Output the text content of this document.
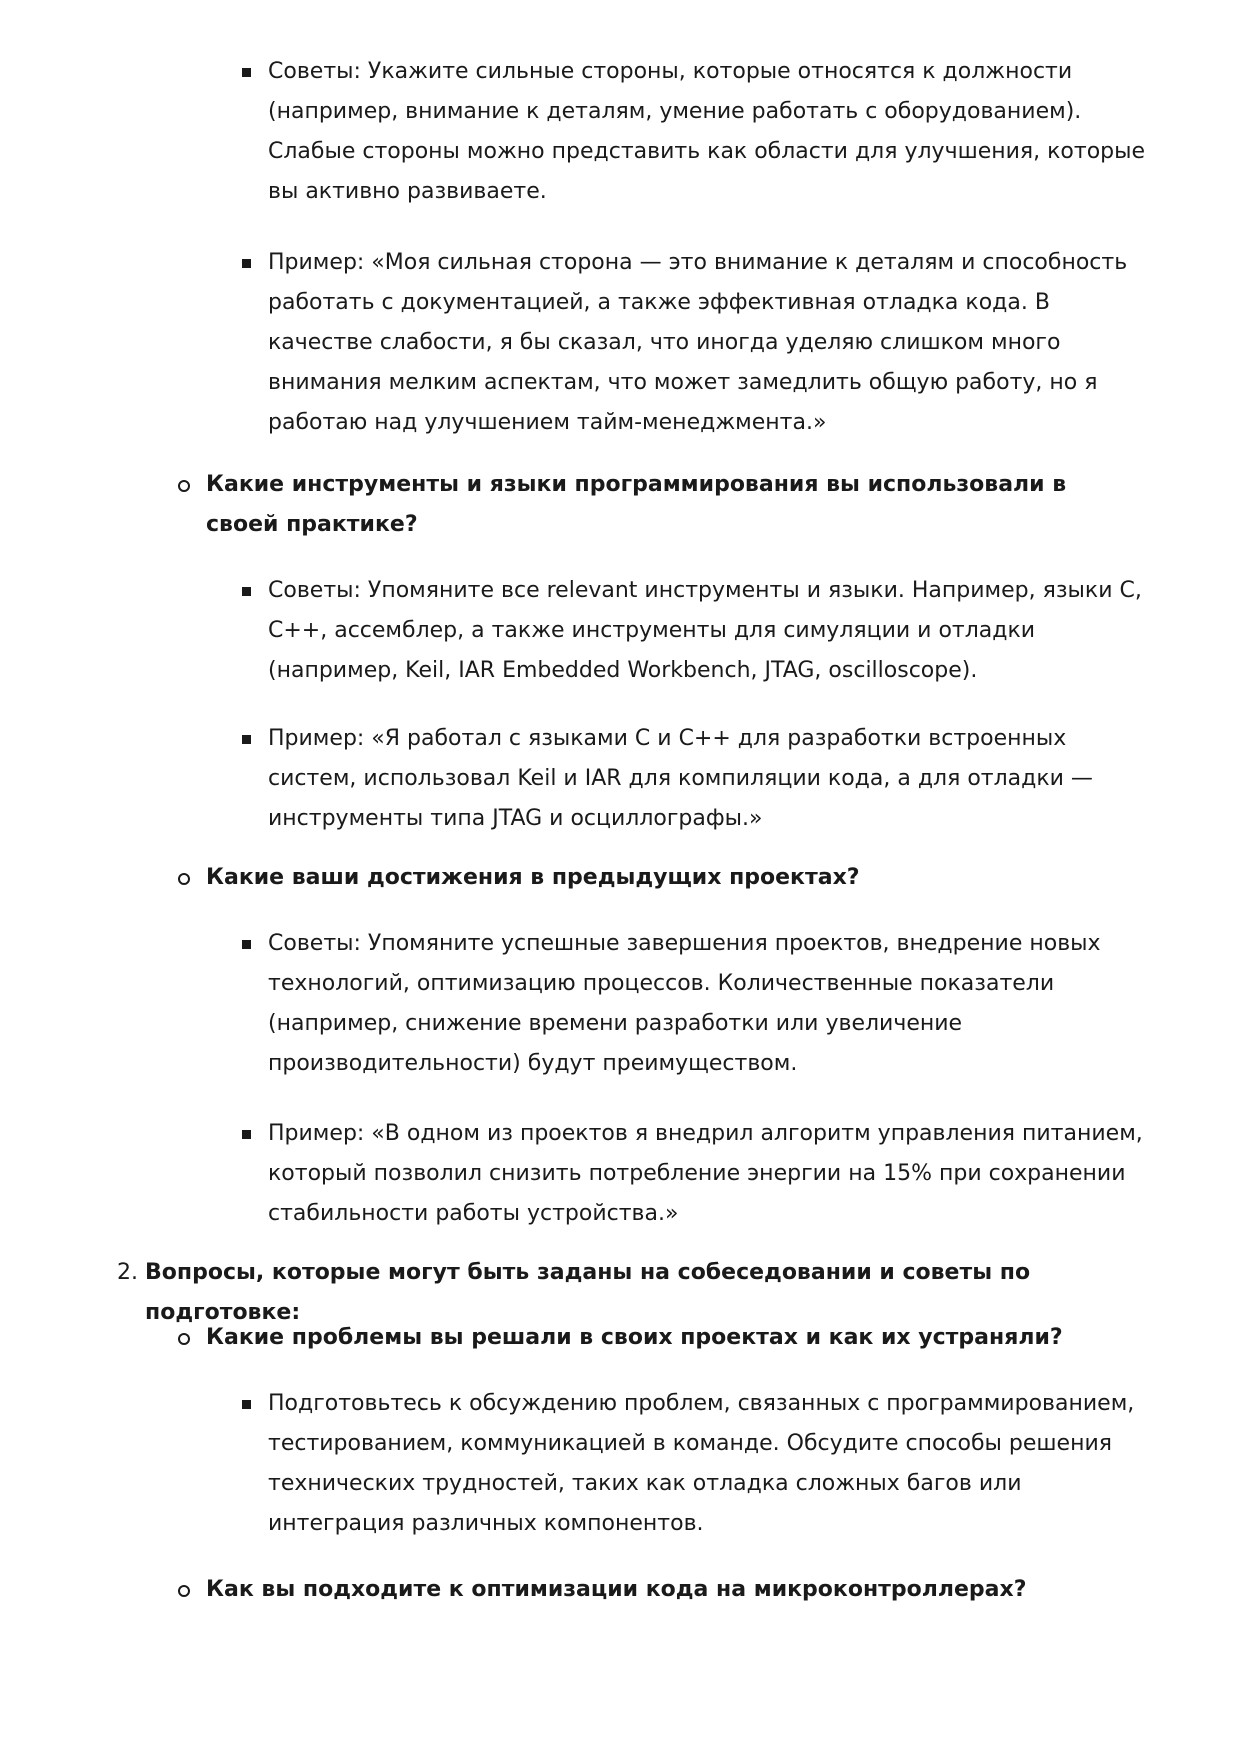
Советы: Укажите сильные стороны, которые относятся к должности (например, внимание к деталям, умение работать с оборудованием). Слабые стороны можно представить как области для улучшения, которые вы активно развиваете.
Пример: «Моя сильная сторона — это внимание к деталям и способность работать с документацией, а также эффективная отладка кода. В качестве слабости, я бы сказал, что иногда уделяю слишком много внимания мелким аспектам, что может замедлить общую работу, но я работаю над улучшением тайм-менеджмента.»
Какие инструменты и языки программирования вы использовали в своей практике?
Советы: Упомяните все relevant инструменты и языки. Например, языки C, C++, ассемблер, а также инструменты для симуляции и отладки (например, Keil, IAR Embedded Workbench, JTAG, oscilloscope).
Пример: «Я работал с языками C и C++ для разработки встроенных систем, использовал Keil и IAR для компиляции кода, а для отладки — инструменты типа JTAG и осциллографы.»
Какие ваши достижения в предыдущих проектах?
Советы: Упомяните успешные завершения проектов, внедрение новых технологий, оптимизацию процессов. Количественные показатели (например, снижение времени разработки или увеличение производительности) будут преимуществом.
Пример: «В одном из проектов я внедрил алгоритм управления питанием, который позволил снизить потребление энергии на 15% при сохранении стабильности работы устройства.»
2. Вопросы, которые могут быть заданы на собеседовании и советы по подготовке:
Какие проблемы вы решали в своих проектах и как их устраняли?
Подготовьтесь к обсуждению проблем, связанных с программированием, тестированием, коммуникацией в команде. Обсудите способы решения технических трудностей, таких как отладка сложных багов или интеграция различных компонентов.
Как вы подходите к оптимизации кода на микроконтроллерах?
